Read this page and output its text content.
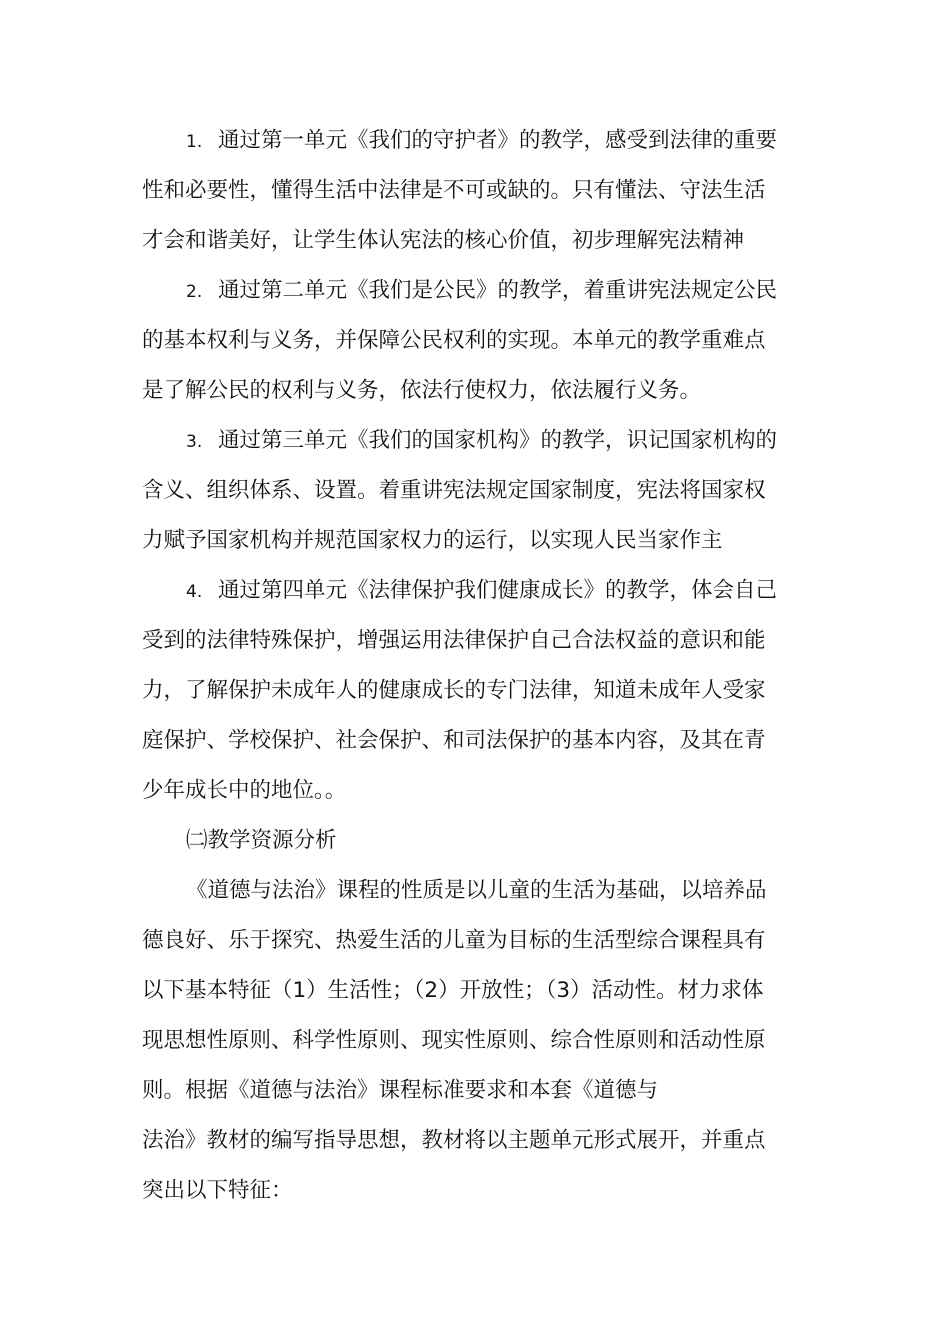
1. 通过第一单元《我们的守护者》的教学，感受到法律的重要
性和必要性，懂得生活中法律是不可或缺的。只有懂法、守法生活
才会和谐美好，让学生体认宪法的核心价值，初步理解宪法精神
2. 通过第二单元《我们是公民》的教学，着重讲宪法规定公民
的基本权利与义务，并保障公民权利的实现。本单元的教学重难点
是了解公民的权利与义务，依法行使权力，依法履行义务。
3. 通过第三单元《我们的国家机构》的教学，识记国家机构的
含义、组织体系、设置。着重讲宪法规定国家制度，宪法将国家权
力赋予国家机构并规范国家权力的运行，以实现人民当家作主
4. 通过第四单元《法律保护我们健康成长》的教学，体会自己
受到的法律特殊保护，增强运用法律保护自己合法权益的意识和能
力，了解保护未成年人的健康成长的专门法律，知道未成年人受家
庭保护、学校保护、社会保护、和司法保护的基本内容，及其在青
少年成长中的地位。。
㈡教学资源分析
《道德与法治》课程的性质是以儿童的生活为基础，以培养品
德良好、乐于探究、热爱生活的儿童为目标的生活型综合课程具有
以下基本特征（1）生活性；（2）开放性；（3）活动性。材力求体
现思想性原则、科学性原则、现实性原则、综合性原则和活动性原
则。根据《道德与法治》课程标准要求和本套《道德与
法治》教材的编写指导思想，教材将以主题单元形式展开，并重点
突出以下特征：
